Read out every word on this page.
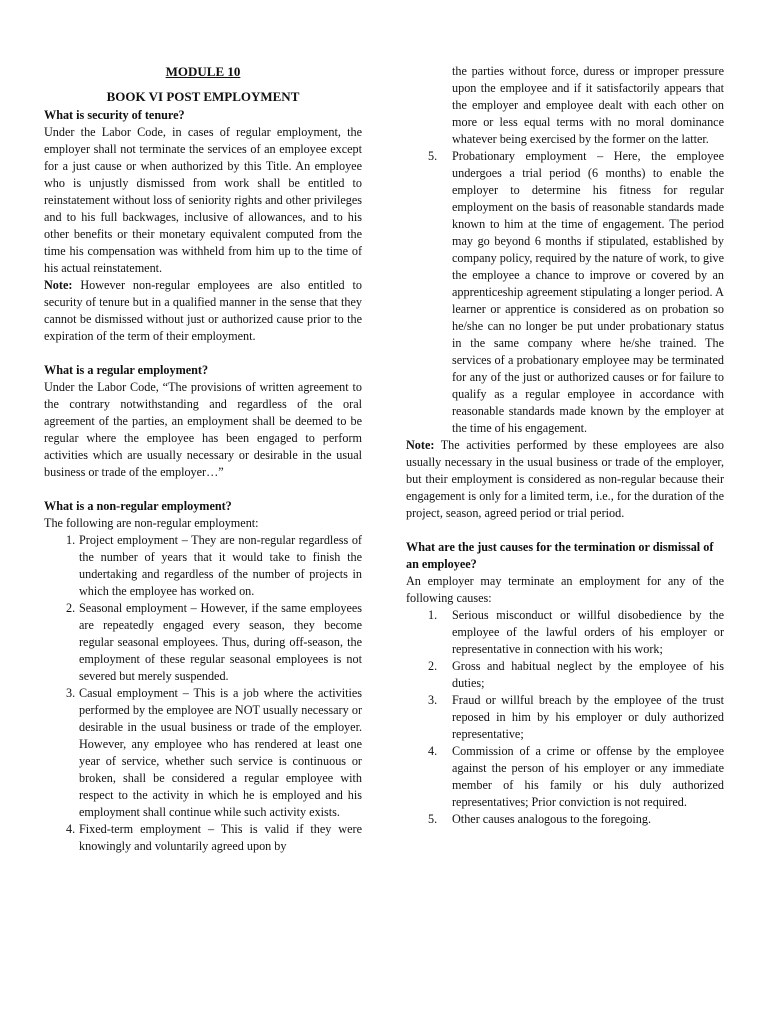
MODULE 10

BOOK VI POST EMPLOYMENT

What is security of tenure?

Under the Labor Code, in cases of regular employment, the employer shall not terminate the services of an employee except for a just cause or when authorized by this Title. An employee who is unjustly dismissed from work shall be entitled to reinstatement without loss of seniority rights and other privileges and to his full backwages, inclusive of allowances, and to his other benefits or their monetary equivalent computed from the time his compensation was withheld from him up to the time of his actual reinstatement.

Note: However non-regular employees are also entitled to security of tenure but in a qualified manner in the sense that they cannot be dismissed without just or authorized cause prior to the expiration of the term of their employment.

What is a regular employment?

Under the Labor Code, “The provisions of written agreement to the contrary notwithstanding and regardless of the oral agreement of the parties, an employment shall be deemed to be regular where the employee has been engaged to perform activities which are usually necessary or desirable in the usual business or trade of the employer…”

What is a non-regular employment?

The following are non-regular employment:

1. Project employment – They are non-regular regardless of the number of years that it would take to finish the undertaking and regardless of the number of projects in which the employee has worked on.
2. Seasonal employment – However, if the same employees are repeatedly engaged every season, they become regular seasonal employees. Thus, during off-season, the employment of these regular seasonal employees is not severed but merely suspended.
3. Casual employment – This is a job where the activities performed by the employee are NOT usually necessary or desirable in the usual business or trade of the employer. However, any employee who has rendered at least one year of service, whether such service is continuous or broken, shall be considered a regular employee with respect to the activity in which he is employed and his employment shall continue while such activity exists.
4. Fixed-term employment – This is valid if they were knowingly and voluntarily agreed upon by

the parties without force, duress or improper pressure upon the employee and if it satisfactorily appears that the employer and employee dealt with each other on more or less equal terms with no moral dominance whatever being exercised by the former on the latter.

5. Probationary employment – Here, the employee undergoes a trial period (6 months) to enable the employer to determine his fitness for regular employment on the basis of reasonable standards made known to him at the time of engagement. The period may go beyond 6 months if stipulated, established by company policy, required by the nature of work, to give the employee a chance to improve or covered by an apprenticeship agreement stipulating a longer period. A learner or apprentice is considered as on probation so he/she can no longer be put under probationary status in the same company where he/she trained. The services of a probationary employee may be terminated for any of the just or authorized causes or for failure to qualify as a regular employee in accordance with reasonable standards made known by the employer at the time of his engagement.

Note: The activities performed by these employees are also usually necessary in the usual business or trade of the employer, but their employment is considered as non-regular because their engagement is only for a limited term, i.e., for the duration of the project, season, agreed period or trial period.

What are the just causes for the termination or dismissal of an employee?

An employer may terminate an employment for any of the following causes:

1. Serious misconduct or willful disobedience by the employee of the lawful orders of his employer or representative in connection with his work;
2. Gross and habitual neglect by the employee of his duties;
3. Fraud or willful breach by the employee of the trust reposed in him by his employer or duly authorized representative;
4. Commission of a crime or offense by the employee against the person of his employer or any immediate member of his family or his duly authorized representatives; Prior conviction is not required.
5. Other causes analogous to the foregoing.
